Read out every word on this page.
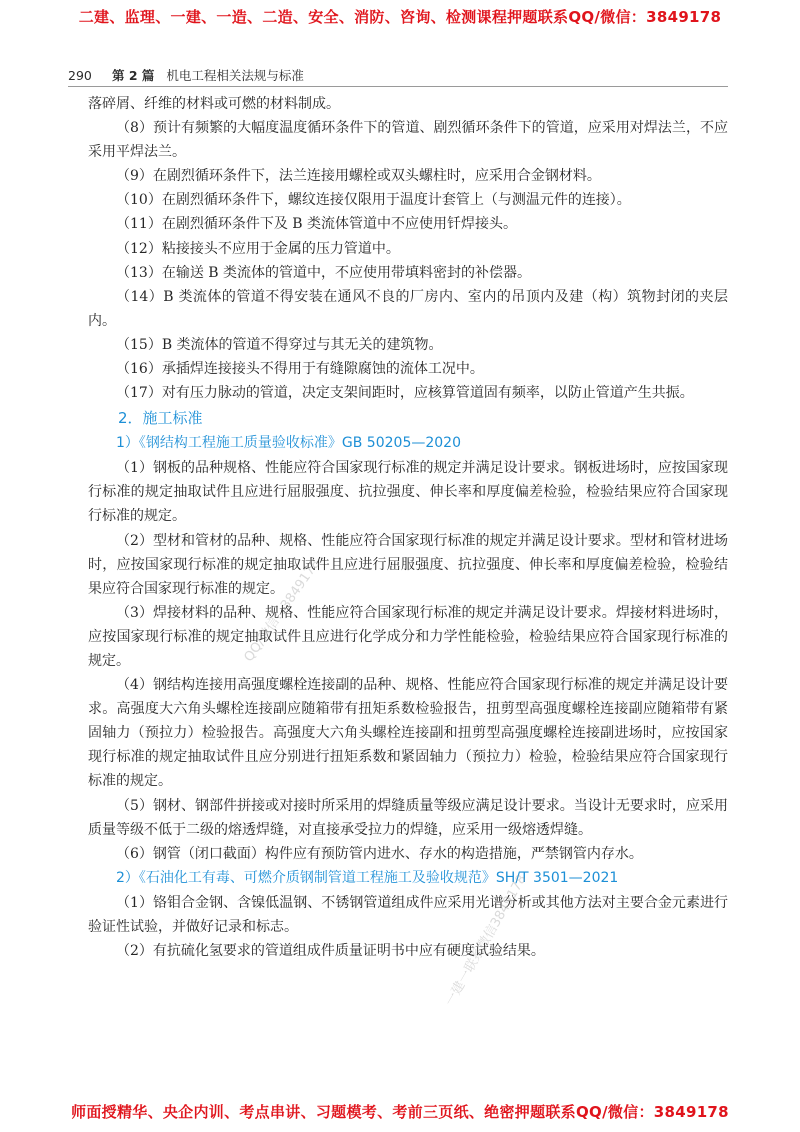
二建、监理、一建、一造、二造、安全、消防、咨询、检测课程押题联系QQ/微信：3849178
290 第 2 篇 机电工程相关法规与标准

落碎屑、纤维的材料或可燃的材料制成。

（8）预计有频繁的大幅度温度循环条件下的管道、剧烈循环条件下的管道，应采用对焊法兰，不应采用平焊法兰。

（9）在剧烈循环条件下，法兰连接用螺栓或双头螺柱时，应采用合金钢材料。

（10）在剧烈循环条件下，螺纹连接仅限用于温度计套管上（与测温元件的连接）。

（11）在剧烈循环条件下及 B 类流体管道中不应使用钎焊接头。

（12）粘接接头不应用于金属的压力管道中。

（13）在输送 B 类流体的管道中，不应使用带填料密封的补偿器。

（14）B 类流体的管道不得安装在通风不良的厂房内、室内的吊顶内及建（构）筑物封闭的夹层内。

（15）B 类流体的管道不得穿过与其无关的建筑物。

（16）承插焊连接接头不得用于有缝隙腐蚀的流体工况中。

（17）对有压力脉动的管道，决定支架间距时，应核算管道固有频率，以防止管道产生共振。

2．施工标准

1）《钢结构工程施工质量验收标准》GB 50205—2020

（1）钢板的品种规格、性能应符合国家现行标准的规定并满足设计要求。钢板进场时，应按国家现行标准的规定抽取试件且应进行屈服强度、抗拉强度、伸长率和厚度偏差检验，检验结果应符合国家现行标准的规定。

（2）型材和管材的品种、规格、性能应符合国家现行标准的规定并满足设计要求。型材和管材进场时，应按国家现行标准的规定抽取试件且应进行屈服强度、抗拉强度、伸长率和厚度偏差检验，检验结果应符合国家现行标准的规定。

（3）焊接材料的品种、规格、性能应符合国家现行标准的规定并满足设计要求。焊接材料进场时，应按国家现行标准的规定抽取试件且应进行化学成分和力学性能检验，检验结果应符合国家现行标准的规定。

（4）钢结构连接用高强度螺栓连接副的品种、规格、性能应符合国家现行标准的规定并满足设计要求。高强度大六角头螺栓连接副应随箱带有扭矩系数检验报告，扭剪型高强度螺栓连接副应随箱带有紧固轴力（预拉力）检验报告。高强度大六角头螺栓连接副和扭剪型高强度螺栓连接副进场时，应按国家现行标准的规定抽取试件且应分别进行扭矩系数和紧固轴力（预拉力）检验，检验结果应符合国家现行标准的规定。

（5）钢材、钢部件拼接或对接时所采用的焊缝质量等级应满足设计要求。当设计无要求时，应采用质量等级不低于二级的熔透焊缝，对直接承受拉力的焊缝，应采用一级熔透焊缝。

（6）钢管（闭口截面）构件应有预防管内进水、存水的构造措施，严禁钢管内存水。

2）《石油化工有毒、可燃介质钢制管道工程施工及验收规范》SH/T 3501—2021

（1）铬钼合金钢、含镍低温钢、不锈钢管道组成件应采用光谱分析或其他方法对主要合金元素进行验证性试验，并做好记录和标志。

（2）有抗硫化氢要求的管道组成件质量证明书中应有硬度试验结果。

QQ/微信：3849178
一建一联系微信3849178
师面授精华、央企内训、考点串讲、习题模考、考前三页纸、绝密押题联系QQ/微信：3849178
